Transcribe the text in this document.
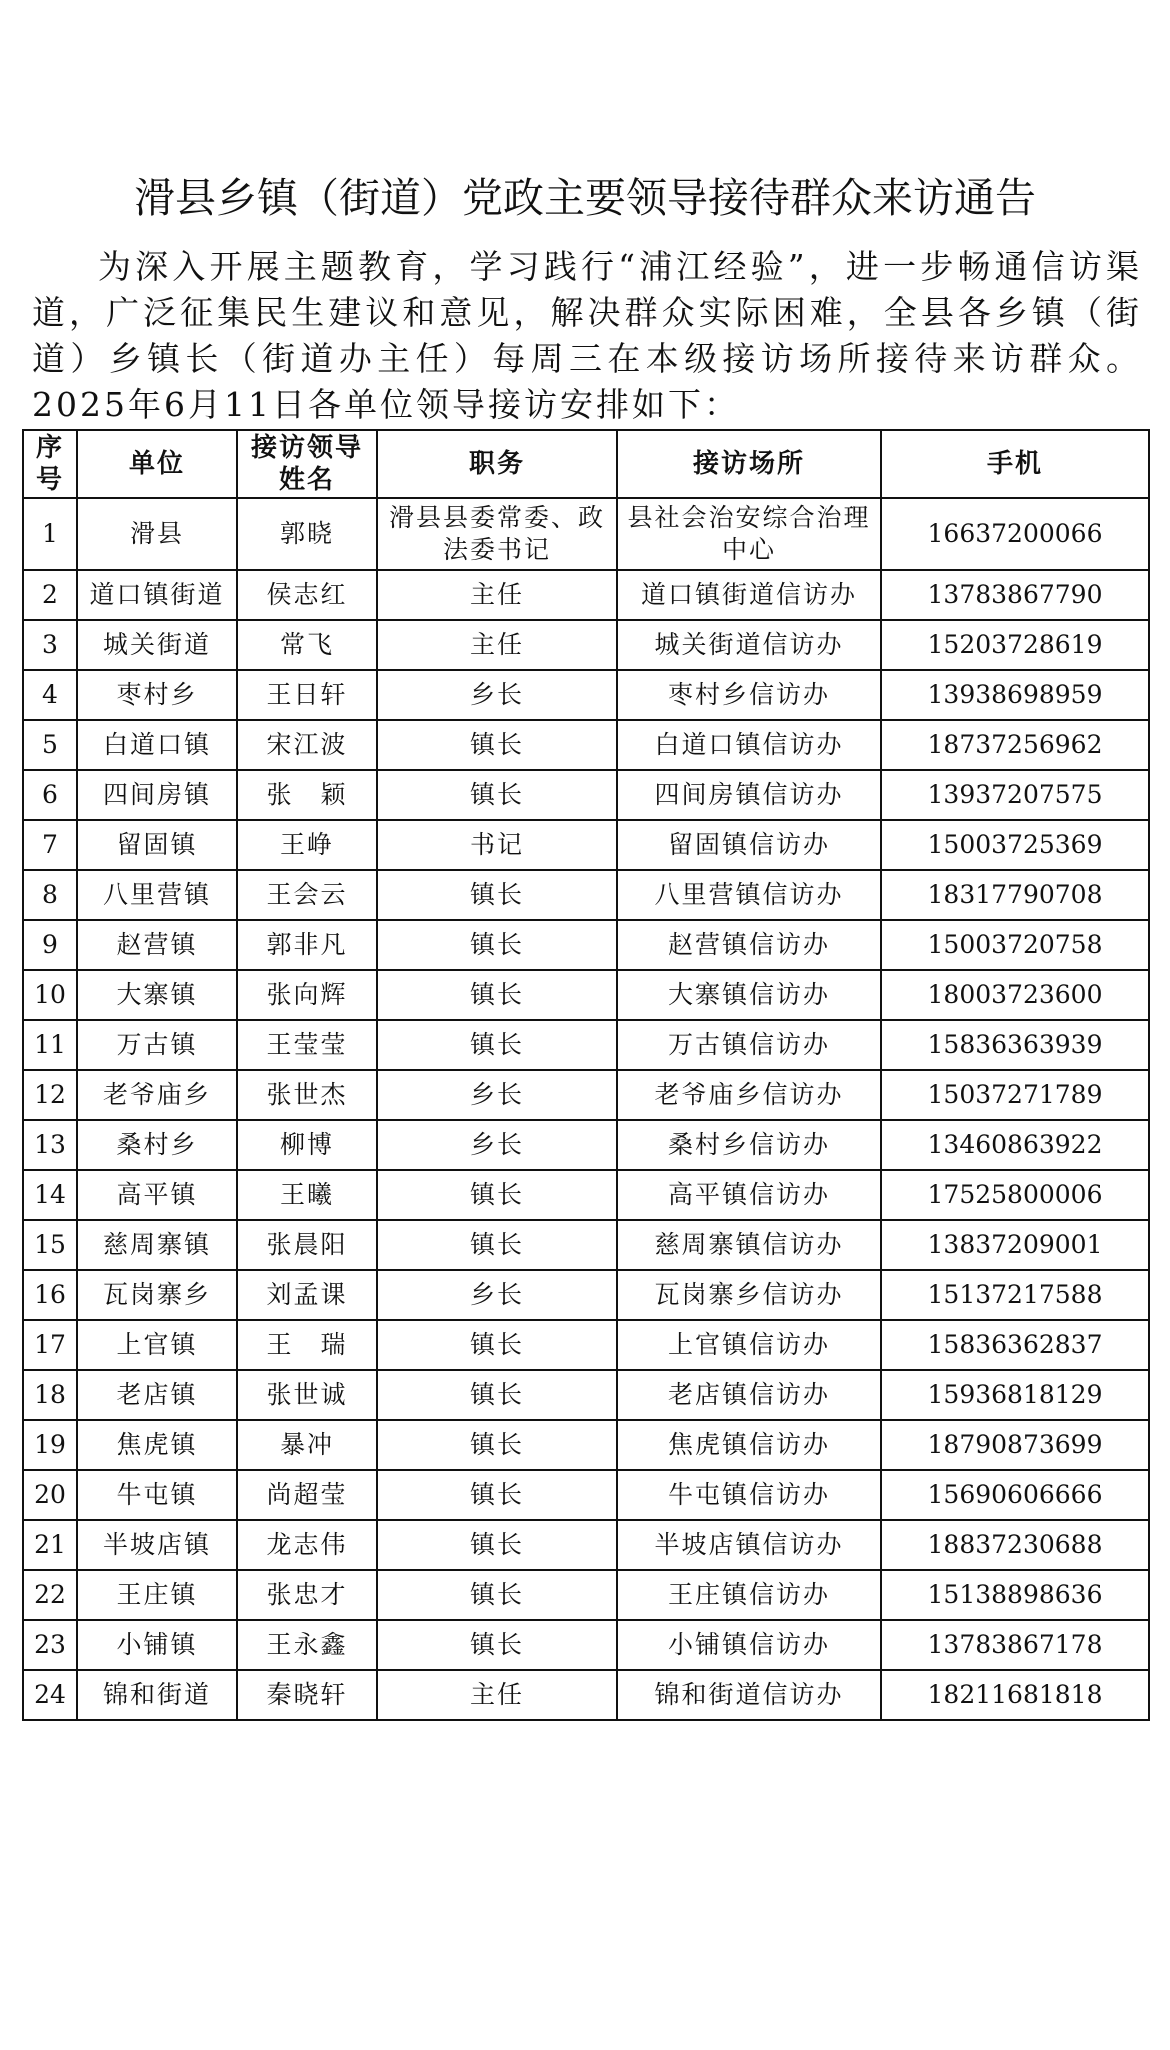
滑县乡镇（街道）党政主要领导接待群众来访通告

为深入开展主题教育，学习践行“浦江经验”，进一步畅通信访渠道，广泛征集民生建议和意见，解决群众实际困难，全县各乡镇（街道）乡镇长（街道办主任）每周三在本级接访场所接待来访群众。2025年6月11日各单位领导接访安排如下：

序号	单位	接访领导姓名	职务	接访场所	手机

1	滑县	郭晓	滑县县委常委、政法委书记	县社会治安综合治理中心	16637200066

2	道口镇街道	侯志红	主任	道口镇街道信访办	13783867790

3	城关街道	常飞	主任	城关街道信访办	15203728619

4	枣村乡	王日轩	乡长	枣村乡信访办	13938698959

5	白道口镇	宋江波	镇长	白道口镇信访办	18737256962

6	四间房镇	张　颖	镇长	四间房镇信访办	13937207575

7	留固镇	王峥	书记	留固镇信访办	15003725369

8	八里营镇	王会云	镇长	八里营镇信访办	18317790708

9	赵营镇	郭非凡	镇长	赵营镇信访办	15003720758

10	大寨镇	张向辉	镇长	大寨镇信访办	18003723600

11	万古镇	王莹莹	镇长	万古镇信访办	15836363939

12	老爷庙乡	张世杰	乡长	老爷庙乡信访办	15037271789

13	桑村乡	柳博	乡长	桑村乡信访办	13460863922

14	高平镇	王曦	镇长	高平镇信访办	17525800006

15	慈周寨镇	张晨阳	镇长	慈周寨镇信访办	13837209001

16	瓦岗寨乡	刘孟课	乡长	瓦岗寨乡信访办	15137217588

17	上官镇	王　瑞	镇长	上官镇信访办	15836362837

18	老店镇	张世诚	镇长	老店镇信访办	15936818129

19	焦虎镇	暴冲	镇长	焦虎镇信访办	18790873699

20	牛屯镇	尚超莹	镇长	牛屯镇信访办	15690606666

21	半坡店镇	龙志伟	镇长	半坡店镇信访办	18837230688

22	王庄镇	张忠才	镇长	王庄镇信访办	15138898636

23	小铺镇	王永鑫	镇长	小铺镇信访办	13783867178

24	锦和街道	秦晓轩	主任	锦和街道信访办	18211681818
